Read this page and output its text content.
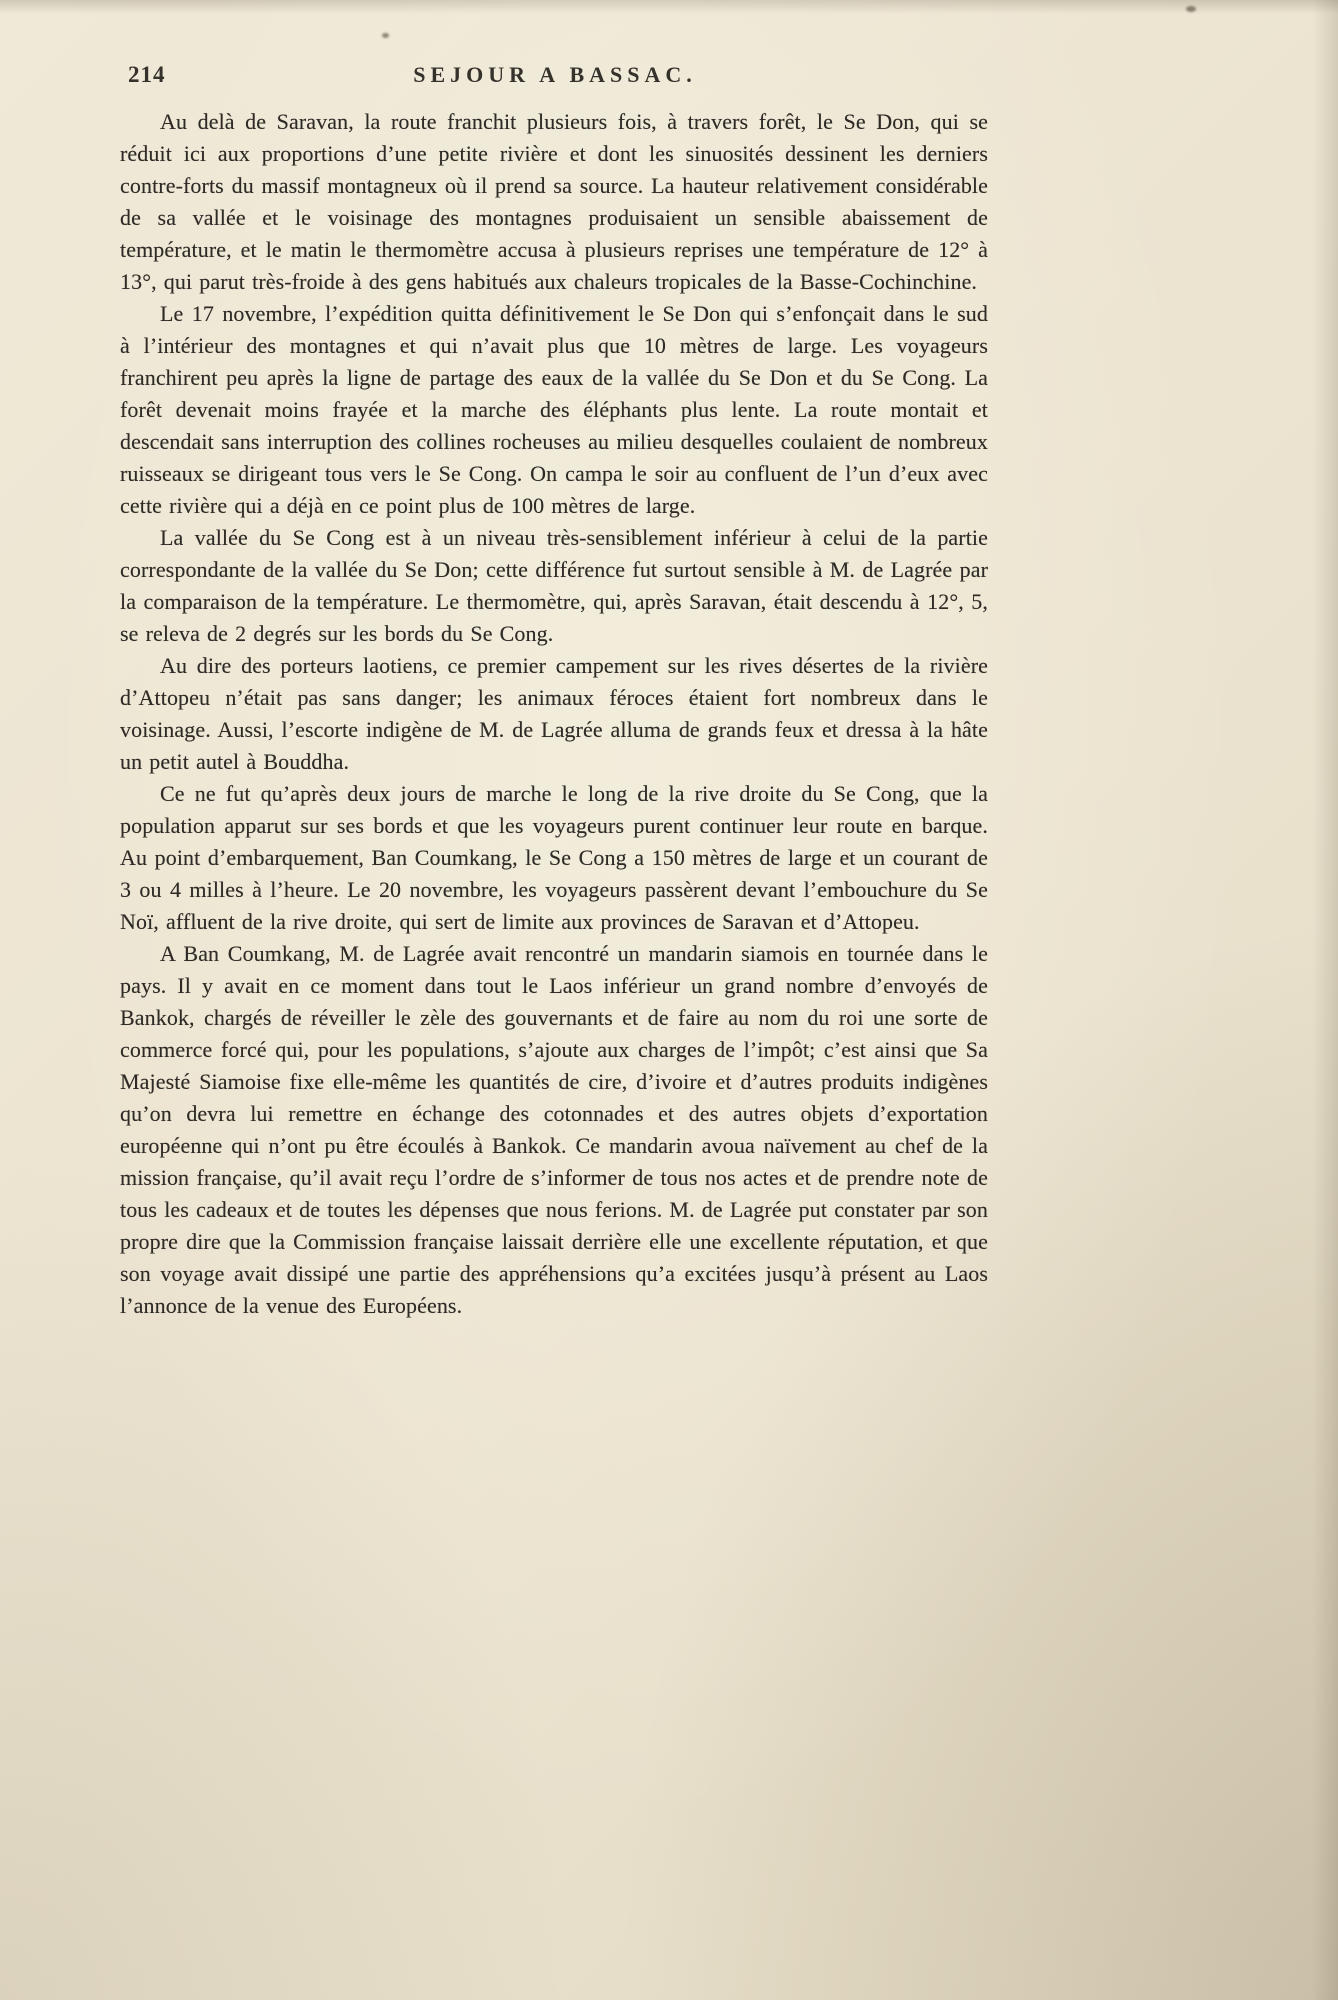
214	SEJOUR A BASSAC.

Au delà de Saravan, la route franchit plusieurs fois, à travers forêt, le Se Don, qui se réduit ici aux proportions d’une petite rivière et dont les sinuosités dessinent les derniers contre-forts du massif montagneux où il prend sa source. La hauteur relativement considérable de sa vallée et le voisinage des montagnes produisaient un sensible abaissement de température, et le matin le thermomètre accusa à plusieurs reprises une température de 12° à 13°, qui parut très-froide à des gens habitués aux chaleurs tropicales de la Basse-Cochinchine.

Le 17 novembre, l’expédition quitta définitivement le Se Don qui s’enfonçait dans le sud à l’intérieur des montagnes et qui n’avait plus que 10 mètres de large. Les voyageurs franchirent peu après la ligne de partage des eaux de la vallée du Se Don et du Se Cong. La forêt devenait moins frayée et la marche des éléphants plus lente. La route montait et descendait sans interruption des collines rocheuses au milieu desquelles coulaient de nombreux ruisseaux se dirigeant tous vers le Se Cong. On campa le soir au confluent de l’un d’eux avec cette rivière qui a déjà en ce point plus de 100 mètres de large.

La vallée du Se Cong est à un niveau très-sensiblement inférieur à celui de la partie correspondante de la vallée du Se Don; cette différence fut surtout sensible à M. de Lagrée par la comparaison de la température. Le thermomètre, qui, après Saravan, était descendu à 12°, 5, se releva de 2 degrés sur les bords du Se Cong.

Au dire des porteurs laotiens, ce premier campement sur les rives désertes de la rivière d’Attopeu n’était pas sans danger; les animaux féroces étaient fort nombreux dans le voisinage. Aussi, l’escorte indigène de M. de Lagrée alluma de grands feux et dressa à la hâte un petit autel à Bouddha.

Ce ne fut qu’après deux jours de marche le long de la rive droite du Se Cong, que la population apparut sur ses bords et que les voyageurs purent continuer leur route en barque. Au point d’embarquement, Ban Coumkang, le Se Cong a 150 mètres de large et un courant de 3 ou 4 milles à l’heure. Le 20 novembre, les voyageurs passèrent devant l’embouchure du Se Noï, affluent de la rive droite, qui sert de limite aux provinces de Saravan et d’Attopeu.

A Ban Coumkang, M. de Lagrée avait rencontré un mandarin siamois en tournée dans le pays. Il y avait en ce moment dans tout le Laos inférieur un grand nombre d’envoyés de Bankok, chargés de réveiller le zèle des gouvernants et de faire au nom du roi une sorte de commerce forcé qui, pour les populations, s’ajoute aux charges de l’impôt; c’est ainsi que Sa Majesté Siamoise fixe elle-même les quantités de cire, d’ivoire et d’autres produits indigènes qu’on devra lui remettre en échange des cotonnades et des autres objets d’exportation européenne qui n’ont pu être écoulés à Bankok. Ce mandarin avoua naïvement au chef de la mission française, qu’il avait reçu l’ordre de s’informer de tous nos actes et de prendre note de tous les cadeaux et de toutes les dépenses que nous ferions. M. de Lagrée put constater par son propre dire que la Commission française laissait derrière elle une excellente réputation, et que son voyage avait dissipé une partie des appréhensions qu’a excitées jusqu’à présent au Laos l’annonce de la venue des Européens.
